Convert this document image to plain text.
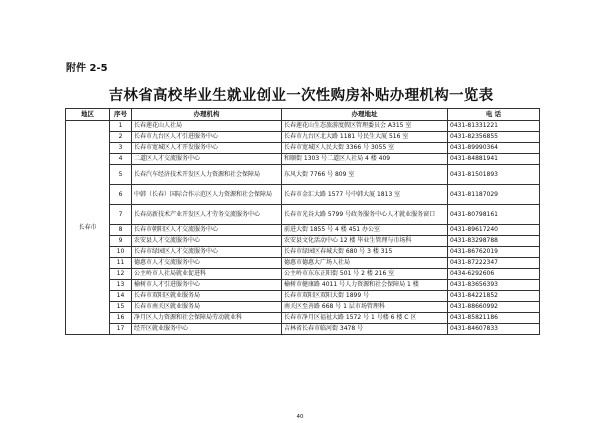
附件 2-5
吉林省高校毕业生就业创业一次性购房补贴办理机构一览表
地区	序号	办理机构	办理地址	电 话
长春市	1	长春莲花山人社局	长春莲花山生态旅游度假区管理委员会 A315 室	0431-81331221
	2	长春市九台区人才引进服务中心	长春市九台区北大路 1181 号民生大厦 516 室	0431-82356855
	3	长春市宽城区人才开发服务中心	长春市宽城区人民大街 3366 号 3055 室	0431-89990364
	4	二道区人才交流服务中心	和顺街 1303 号二道区人社局 4 楼 409	0431-84881941
	5	长春汽车经济技术开发区人力资源和社会保障局	东风大街 7766 号 809 室	0431-81501893
	6	中韩（长春）国际合作示范区人力资源和社会保障局	长春市金汇大路 1577 号中韩大厦 1813 室	0431-81187029
	7	长春高新技术产业开发区人才劳务交流服务中心	长春市光谷大路 5799 号政务服务中心人才就业服务窗口	0431-80798161
	8	长春市朝阳区人才交流服务中心	前进大街 1855 号 4 楼 451 办公室	0431-89617240
	9	农安县人才交流服务中心	农安县文化活动中心 12 楼 毕业生管理与市场科	0431-83298788
	10	长春市绿园区人才交流服务中心	长春市绿园区春城大街 680 号 3 楼 315	0431-86762019
	11	德惠市人才交流服务中心	德惠市德惠大广场人社局	0431-87222347
	12	公主岭市人社局就业促进科	公主岭市东东正阳街 501 号 2 楼 216 室	0434-6292606
	13	榆树市人才引进服务中心	榆树市健康路 4011 号人力资源和社会保障局 1 楼	0431-83656393
	14	长春市双阳区就业服务局	长春市双阳区双阳大街 1899 号	0431-84221852
	15	长春市南关区就业服务局	南关区至善路 668 号 1 层市场管理科	0431-88660992
	16	净月区人力资源和社会保障局劳动就业科	长春市净月区福祉大路 1572 号 1 号楼 6 楼 C 区	0431-85821186
	17	经开区就业服务中心	吉林省长春市临河街 3478 号	0431-84607833
40
